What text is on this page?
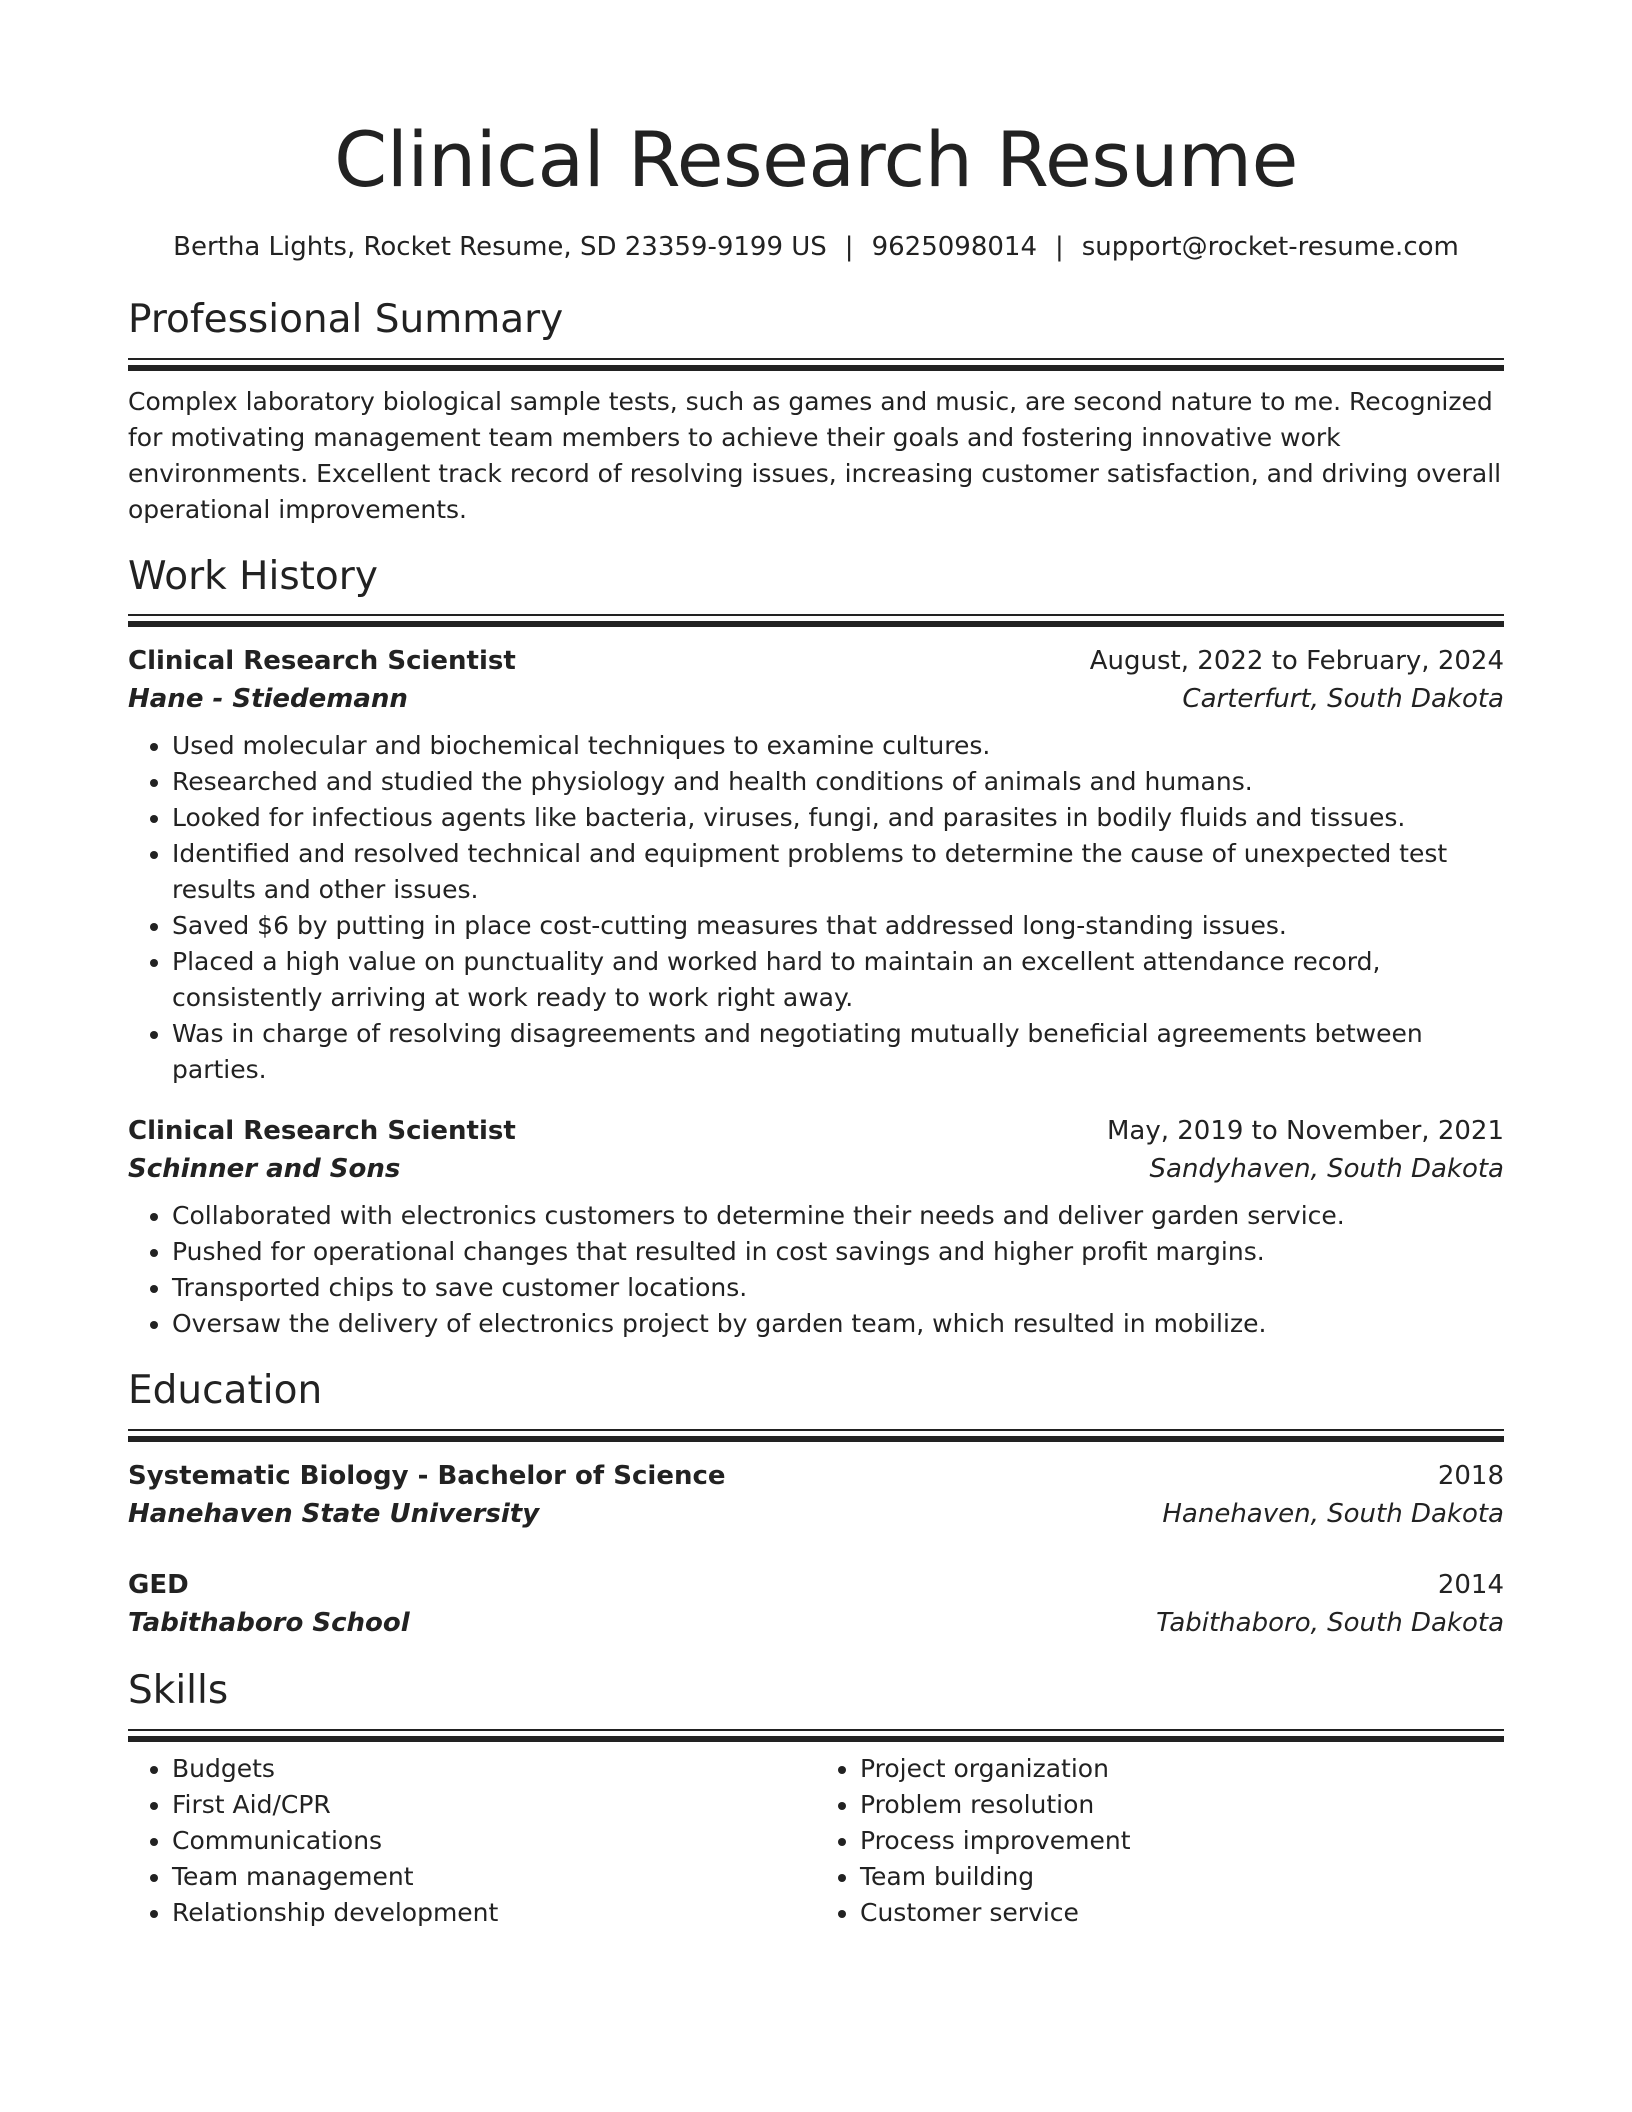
Clinical Research Resume
Bertha Lights, Rocket Resume, SD 23359-9199 US | 9625098014 | support@rocket-resume.com
Professional Summary
Complex laboratory biological sample tests, such as games and music, are second nature to me. Recognized for motivating management team members to achieve their goals and fostering innovative work environments. Excellent track record of resolving issues, increasing customer satisfaction, and driving overall operational improvements.
Work History
Clinical Research Scientist	August, 2022 to February, 2024
Hane - Stiedemann	Carterfurt, South Dakota
• Used molecular and biochemical techniques to examine cultures.
• Researched and studied the physiology and health conditions of animals and humans.
• Looked for infectious agents like bacteria, viruses, fungi, and parasites in bodily fluids and tissues.
• Identified and resolved technical and equipment problems to determine the cause of unexpected test results and other issues.
• Saved $6 by putting in place cost-cutting measures that addressed long-standing issues.
• Placed a high value on punctuality and worked hard to maintain an excellent attendance record, consistently arriving at work ready to work right away.
• Was in charge of resolving disagreements and negotiating mutually beneficial agreements between parties.
Clinical Research Scientist	May, 2019 to November, 2021
Schinner and Sons	Sandyhaven, South Dakota
• Collaborated with electronics customers to determine their needs and deliver garden service.
• Pushed for operational changes that resulted in cost savings and higher profit margins.
• Transported chips to save customer locations.
• Oversaw the delivery of electronics project by garden team, which resulted in mobilize.
Education
Systematic Biology - Bachelor of Science	2018
Hanehaven State University	Hanehaven, South Dakota
GED	2014
Tabithaboro School	Tabithaboro, South Dakota
Skills
• Budgets
• First Aid/CPR
• Communications
• Team management
• Relationship development
• Project organization
• Problem resolution
• Process improvement
• Team building
• Customer service
